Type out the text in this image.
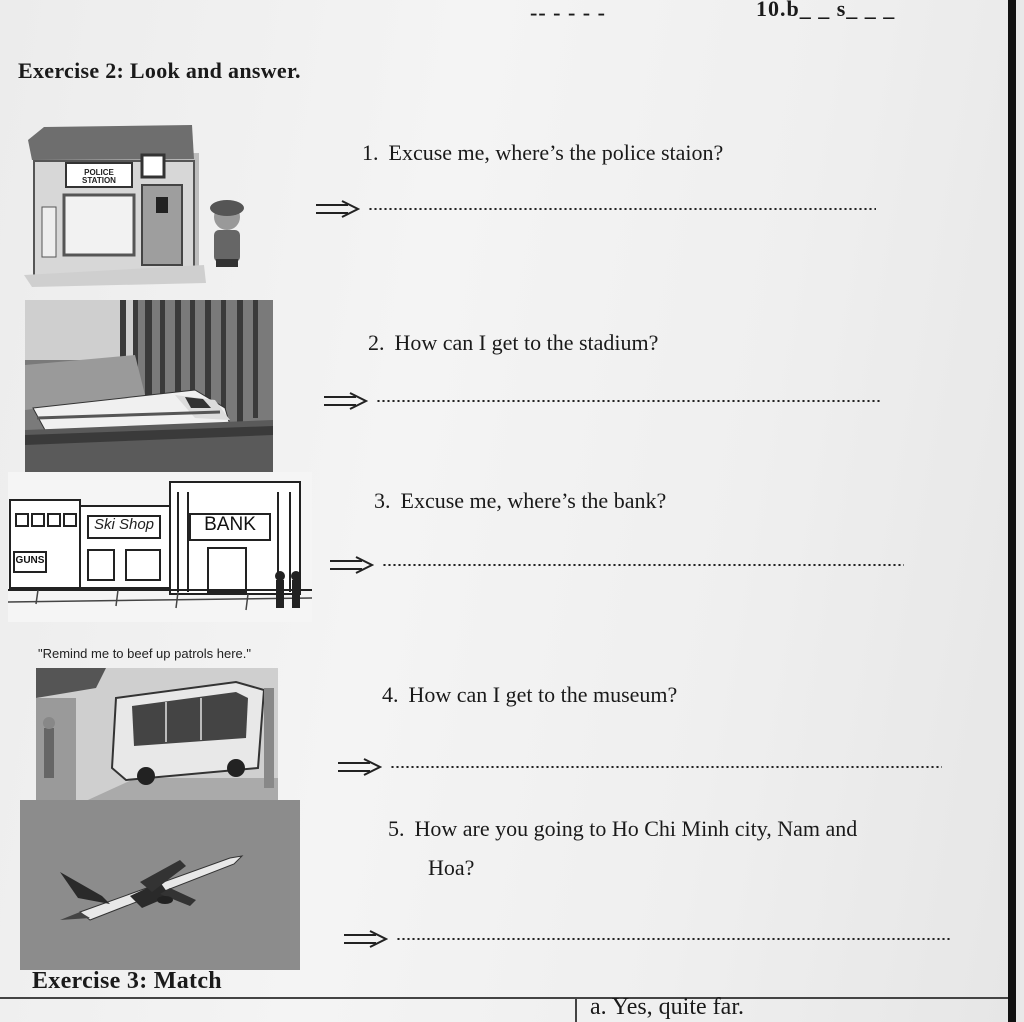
-- - - - -	10.b_ _ s_ _ _
Exercise 2: Look and answer.
POLICE STATION
Ski Shop	BANK
GUNS
"Remind me to beef up patrols here."
1. Excuse me, where’s the police staion?
2. How can I get to the stadium?
3. Excuse me, where’s the bank?
4. How can I get to the museum?
5. How are you going to Ho Chi Minh city, Nam and
Hoa?
Exercise 3: Match
a. Yes, quite far.
